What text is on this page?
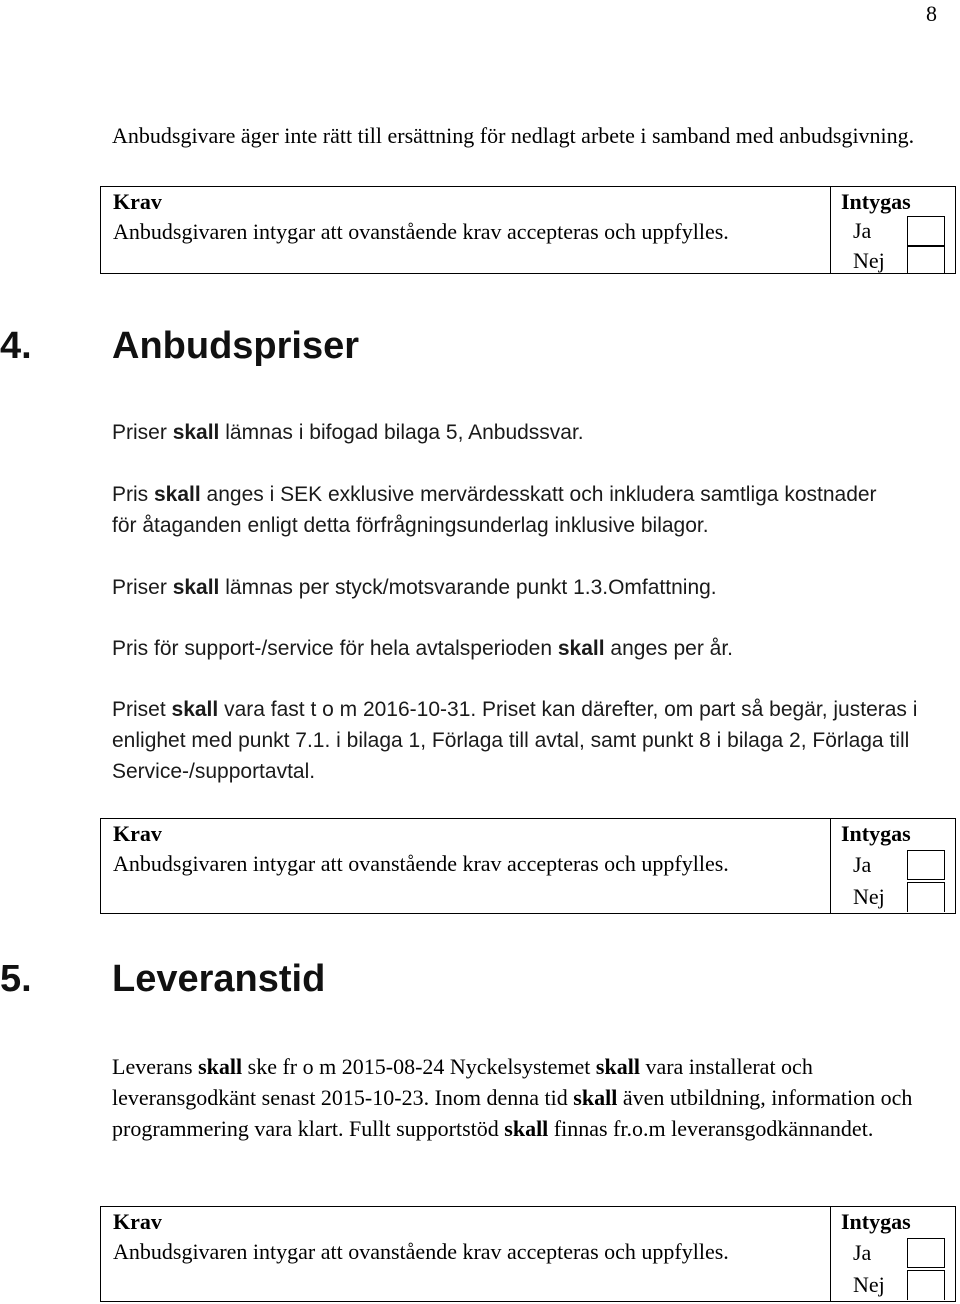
8

Anbudsgivare äger inte rätt till ersättning för nedlagt arbete i samband med anbudsgivning.

Krav
Anbudsgivaren intygar att ovanstående krav accepteras och uppfylles.
Intygas
Ja
Nej
4. Anbudspriser

Priser skall lämnas i bifogad bilaga 5, Anbudssvar.

Pris skall anges i SEK exklusive mervärdesskatt och inkludera samtliga kostnader för åtaganden enligt detta förfrågningsunderlag inklusive bilagor.

Priser skall lämnas per styck/motsvarande punkt 1.3.Omfattning.

Pris för support-/service för hela avtalsperioden skall anges per år.

Priset skall vara fast t o m 2016-10-31. Priset kan därefter, om part så begär, justeras i enlighet med punkt 7.1. i bilaga 1, Förlaga till avtal, samt punkt 8 i bilaga 2, Förlaga till Service-/supportavtal.

Krav
Anbudsgivaren intygar att ovanstående krav accepteras och uppfylles.
Intygas
Ja
Nej
5. Leveranstid

Leverans skall ske fr o m 2015-08-24 Nyckelsystemet skall vara installerat och leveransgodkänt senast 2015-10-23. Inom denna tid skall även utbildning, information och programmering vara klart. Fullt supportstöd skall finnas fr.o.m leveransgodkännandet.

Krav
Anbudsgivaren intygar att ovanstående krav accepteras och uppfylles.
Intygas
Ja
Nej
